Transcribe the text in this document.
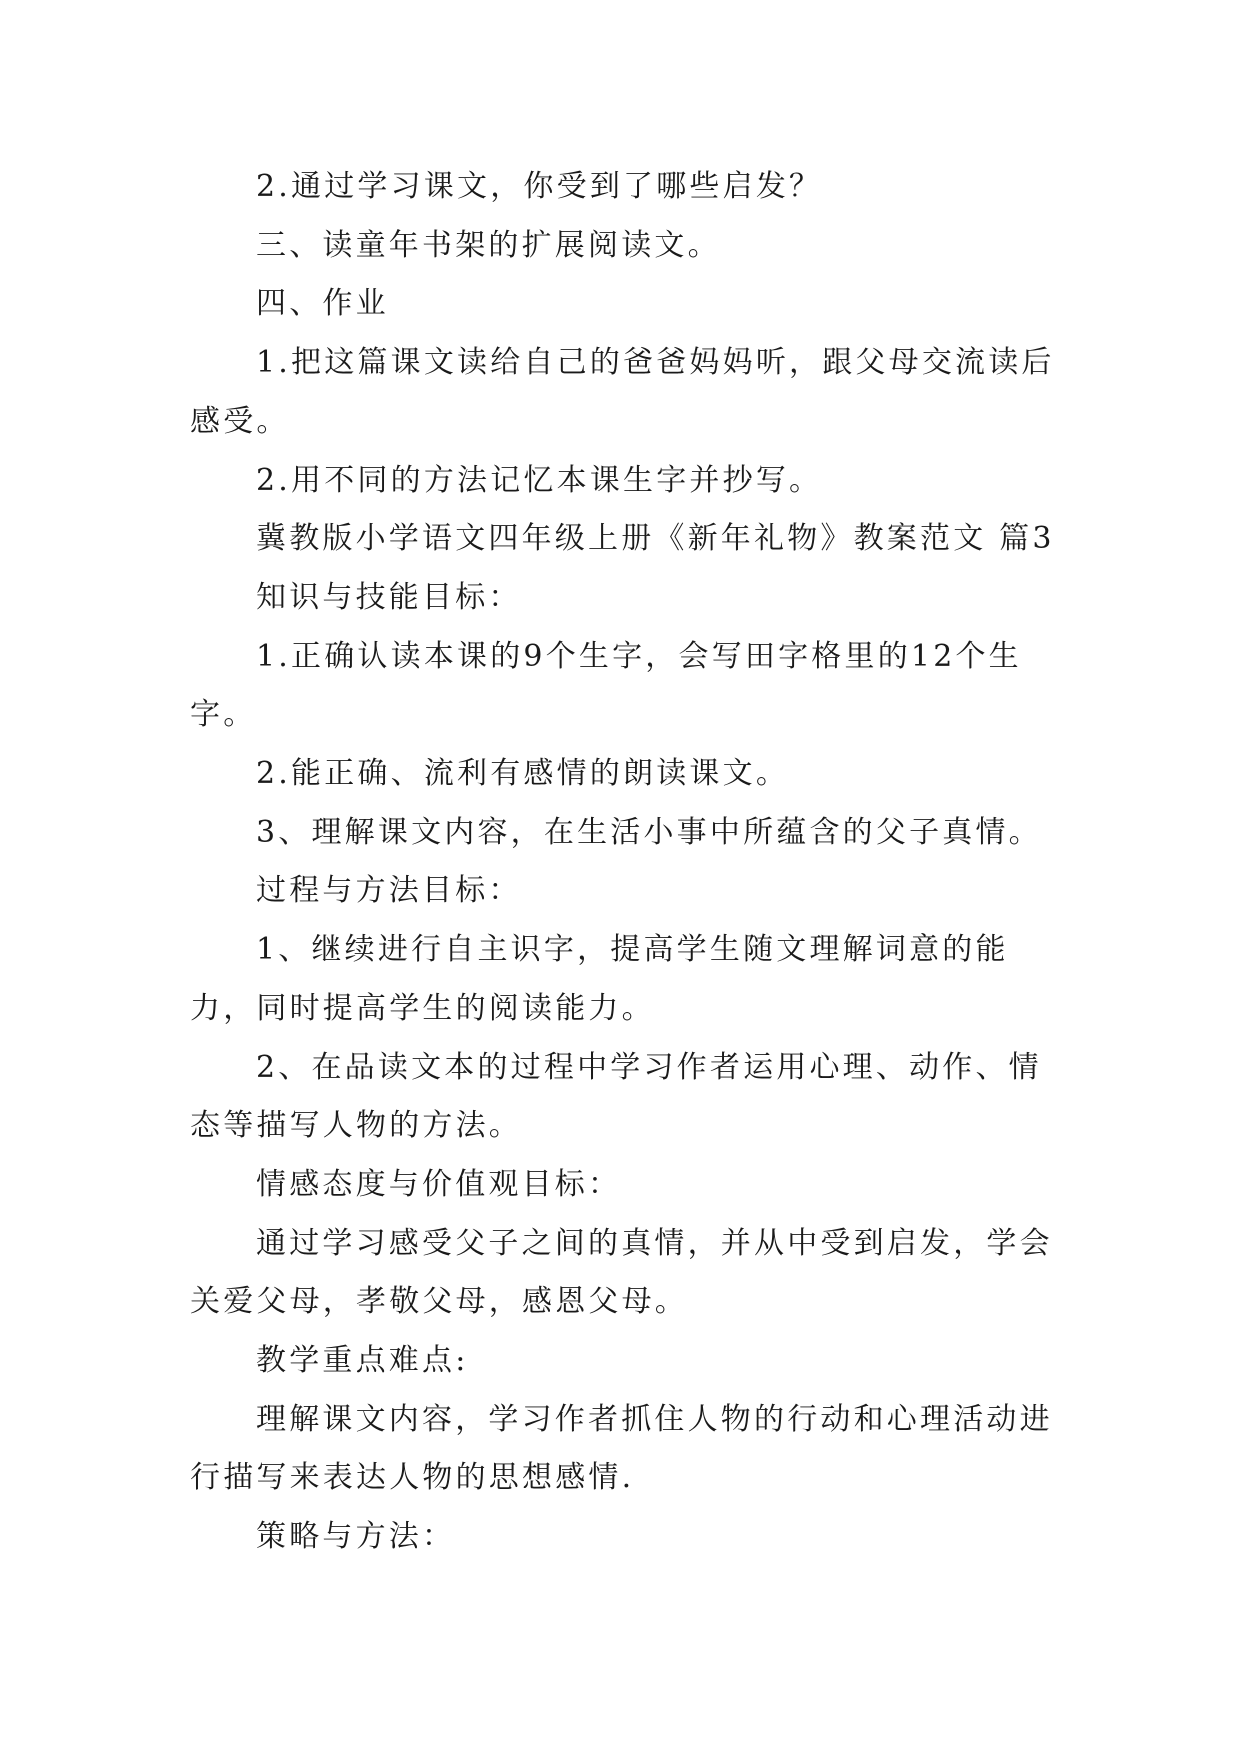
2.通过学习课文，你受到了哪些启发？

三、读童年书架的扩展阅读文。

四、作业

1.把这篇课文读给自己的爸爸妈妈听，跟父母交流读后感受。

2.用不同的方法记忆本课生字并抄写。

冀教版小学语文四年级上册《新年礼物》教案范文 篇3

知识与技能目标：

1.正确认读本课的9个生字，会写田字格里的12个生字。

2.能正确、流利有感情的朗读课文。

3、理解课文内容，在生活小事中所蕴含的父子真情。

过程与方法目标：

1、继续进行自主识字，提高学生随文理解词意的能力，同时提高学生的阅读能力。

2、在品读文本的过程中学习作者运用心理、动作、情态等描写人物的方法。

情感态度与价值观目标：

通过学习感受父子之间的真情，并从中受到启发，学会关爱父母，孝敬父母，感恩父母。

教学重点难点:

理解课文内容，学习作者抓住人物的行动和心理活动进行描写来表达人物的思想感情.

策略与方法：
